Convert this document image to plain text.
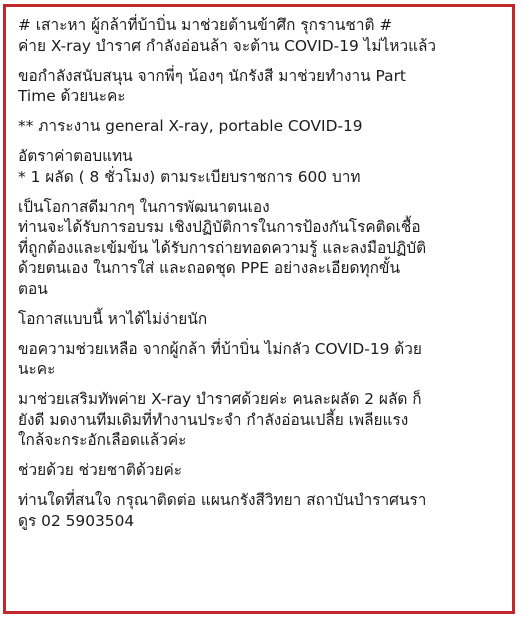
# เสาะหา ผู้กล้าที่บ้าบิ่น มาช่วยต้านข้าศึก รุกรานชาติ #
ค่าย X-ray บำราศ กำลังอ่อนล้า จะต้าน COVID-19 ไม่ไหวแล้ว

ขอกำลังสนับสนุน จากพี่ๆ น้องๆ นักรังสี มาช่วยทำงาน Part
Time ด้วยนะคะ

** ภาระงาน general X-ray, portable COVID-19

อัตราค่าตอบแทน
* 1 ผลัด ( 8 ชั่วโมง) ตามระเบียบราชการ 600 บาท

เป็นโอกาสดีมากๆ ในการพัฒนาตนเอง
ท่านจะได้รับการอบรม เชิงปฏิบัติการในการป้องกันโรคติดเชื้อ
ที่ถูกต้องและเข้มข้น ได้รับการถ่ายทอดความรู้ และลงมือปฏิบัติ
ด้วยตนเอง ในการใส่ และถอดชุด PPE อย่างละเอียดทุกขั้น
ตอน

โอกาสแบบนี้ หาได้ไม่ง่ายนัก

ขอความช่วยเหลือ จากผู้กล้า ที่บ้าบิ่น ไม่กลัว COVID-19 ด้วย
นะคะ

มาช่วยเสริมทัพค่าย X-ray บำราศด้วยค่ะ คนละผลัด 2 ผลัด ก็
ยังดี มดงานทีมเดิมที่ทำงานประจำ กำลังอ่อนเปลี้ย เพลียแรง
ใกล้จะกระอักเลือดแล้วค่ะ

ช่วยด้วย ช่วยชาติด้วยค่ะ

ท่านใดที่สนใจ กรุณาติดต่อ แผนกรังสีวิทยา สถาบันบำราศนรา
ดูร 02 5903504
